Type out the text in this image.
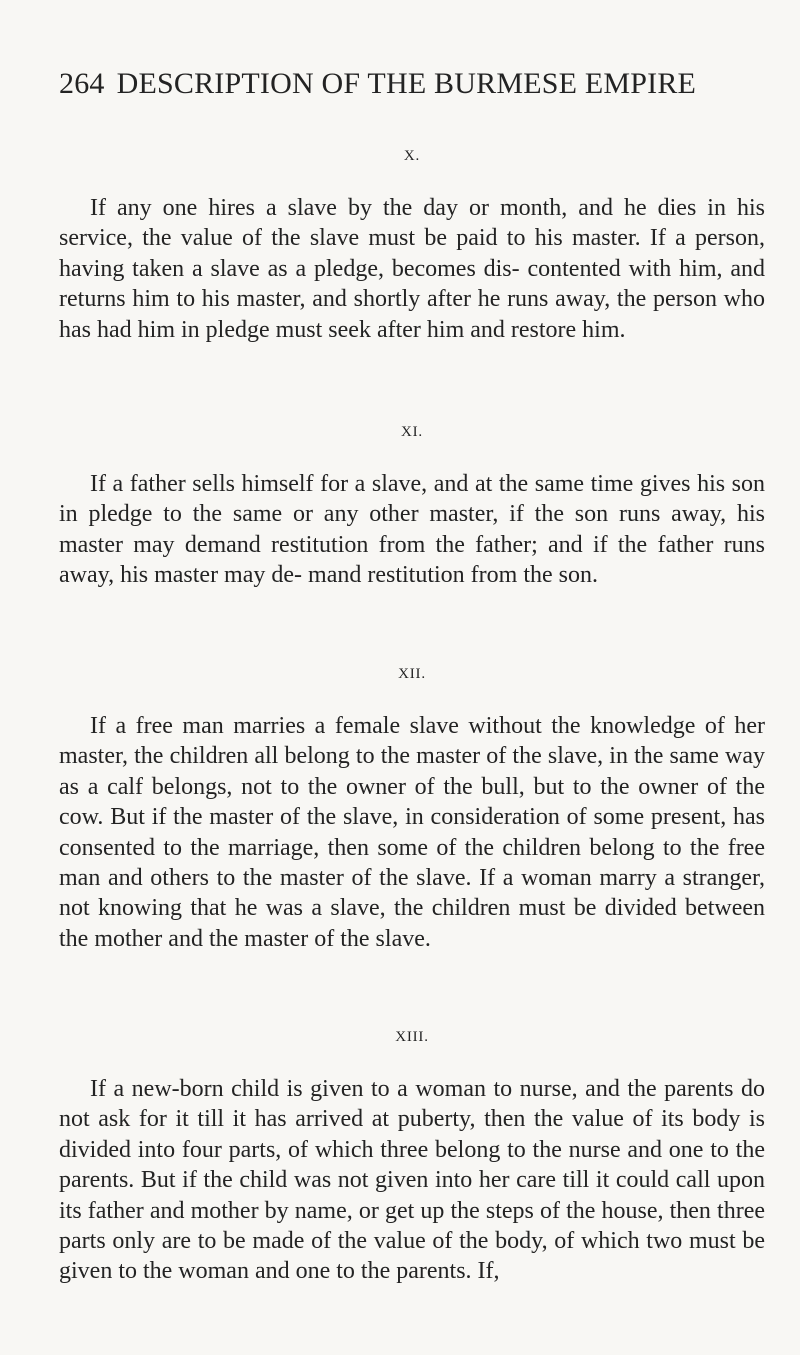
264 DESCRIPTION OF THE BURMESE EMPIRE
X.

If any one hires a slave by the day or month, and he dies in his service, the value of the slave must be paid to his master. If a person, having taken a slave as a pledge, becomes dis- contented with him, and returns him to his master, and shortly after he runs away, the person who has had him in pledge must seek after him and restore him.

XI.

If a father sells himself for a slave, and at the same time gives his son in pledge to the same or any other master, if the son runs away, his master may demand restitution from the father; and if the father runs away, his master may de- mand restitution from the son.

XII.

If a free man marries a female slave without the knowledge of her master, the children all belong to the master of the slave, in the same way as a calf belongs, not to the owner of the bull, but to the owner of the cow. But if the master of the slave, in consideration of some present, has consented to the marriage, then some of the children belong to the free man and others to the master of the slave. If a woman marry a stranger, not knowing that he was a slave, the children must be divided between the mother and the master of the slave.

XIII.

If a new-born child is given to a woman to nurse, and the parents do not ask for it till it has arrived at puberty, then the value of its body is divided into four parts, of which three belong to the nurse and one to the parents. But if the child was not given into her care till it could call upon its father and mother by name, or get up the steps of the house, then three parts only are to be made of the value of the body, of which two must be given to the woman and one to the parents. If,
